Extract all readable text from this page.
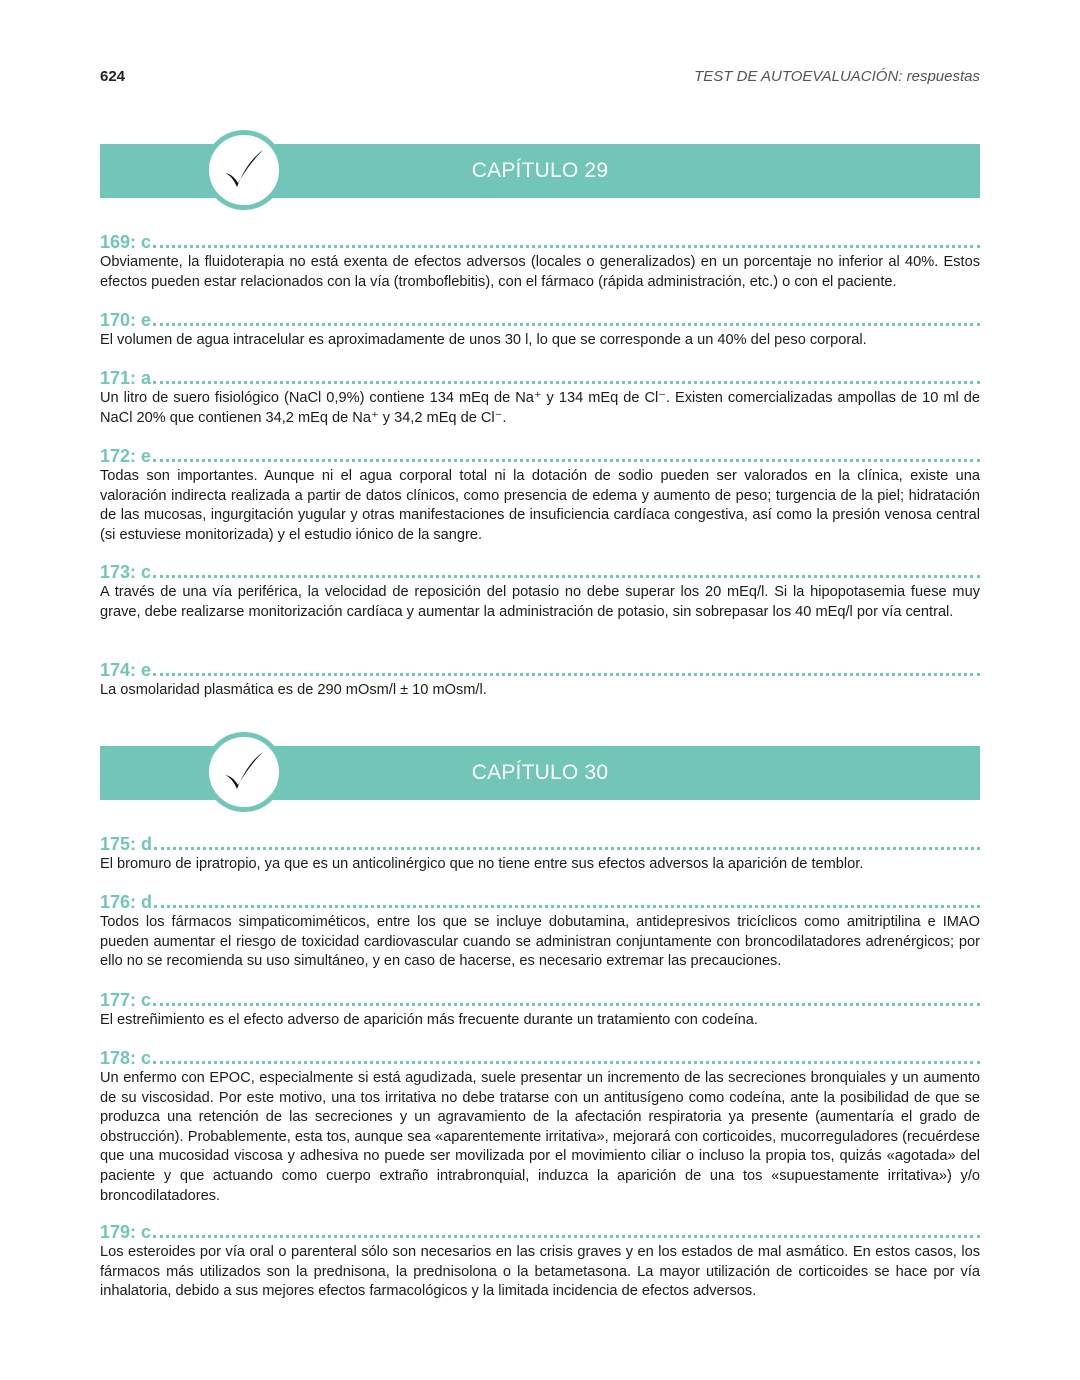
624	TEST DE AUTOEVALUACIÓN: respuestas
CAPÍTULO 29
169: c

Obviamente, la fluidoterapia no está exenta de efectos adversos (locales o generalizados) en un porcentaje no inferior al 40%. Estos efectos pueden estar relacionados con la vía (tromboflebitis), con el fármaco (rápida administración, etc.) o con el paciente.

170: e

El volumen de agua intracelular es aproximadamente de unos 30 l, lo que se corresponde a un 40% del peso corporal.

171: a

Un litro de suero fisiológico (NaCl 0,9%) contiene 134 mEq de Na⁺ y 134 mEq de Cl⁻. Existen comercializadas ampollas de 10 ml de NaCl 20% que contienen 34,2 mEq de Na⁺ y 34,2 mEq de Cl⁻.

172: e

Todas son importantes. Aunque ni el agua corporal total ni la dotación de sodio pueden ser valorados en la clínica, existe una valoración indirecta realizada a partir de datos clínicos, como presencia de edema y aumento de peso; turgencia de la piel; hidratación de las mucosas, ingurgitación yugular y otras manifestaciones de insuficiencia cardíaca congestiva, así como la presión venosa central (si estuviese monitorizada) y el estudio iónico de la sangre.

173: c

A través de una vía periférica, la velocidad de reposición del potasio no debe superar los 20 mEq/l. Si la hipopotasemia fuese muy grave, debe realizarse monitorización cardíaca y aumentar la administración de potasio, sin sobrepasar los 40 mEq/l por vía central.

174: e

La osmolaridad plasmática es de 290 mOsm/l ± 10 mOsm/l.

CAPÍTULO 30
175: d

El bromuro de ipratropio, ya que es un anticolinérgico que no tiene entre sus efectos adversos la aparición de temblor.

176: d

Todos los fármacos simpaticomiméticos, entre los que se incluye dobutamina, antidepresivos tricíclicos como amitriptilina e IMAO pueden aumentar el riesgo de toxicidad cardiovascular cuando se administran conjuntamente con broncodilatadores adrenérgicos; por ello no se recomienda su uso simultáneo, y en caso de hacerse, es necesario extremar las precauciones.

177: c

El estreñimiento es el efecto adverso de aparición más frecuente durante un tratamiento con codeína.

178: c

Un enfermo con EPOC, especialmente si está agudizada, suele presentar un incremento de las secreciones bronquiales y un aumento de su viscosidad. Por este motivo, una tos irritativa no debe tratarse con un antitusígeno como codeína, ante la posibilidad de que se produzca una retención de las secreciones y un agravamiento de la afectación respiratoria ya presente (aumentaría el grado de obstrucción). Probablemente, esta tos, aunque sea «aparentemente irritativa», mejorará con corticoides, mucorreguladores (recuérdese que una mucosidad viscosa y adhesiva no puede ser movilizada por el movimiento ciliar o incluso la propia tos, quizás «agotada» del paciente y que actuando como cuerpo extraño intrabronquial, induzca la aparición de una tos «supuestamente irritativa») y/o broncodilatadores.

179: c

Los esteroides por vía oral o parenteral sólo son necesarios en las crisis graves y en los estados de mal asmático. En estos casos, los fármacos más utilizados son la prednisona, la prednisolona o la betametasona. La mayor utilización de corticoides se hace por vía inhalatoria, debido a sus mejores efectos farmacológicos y la limitada incidencia de efectos adversos.
